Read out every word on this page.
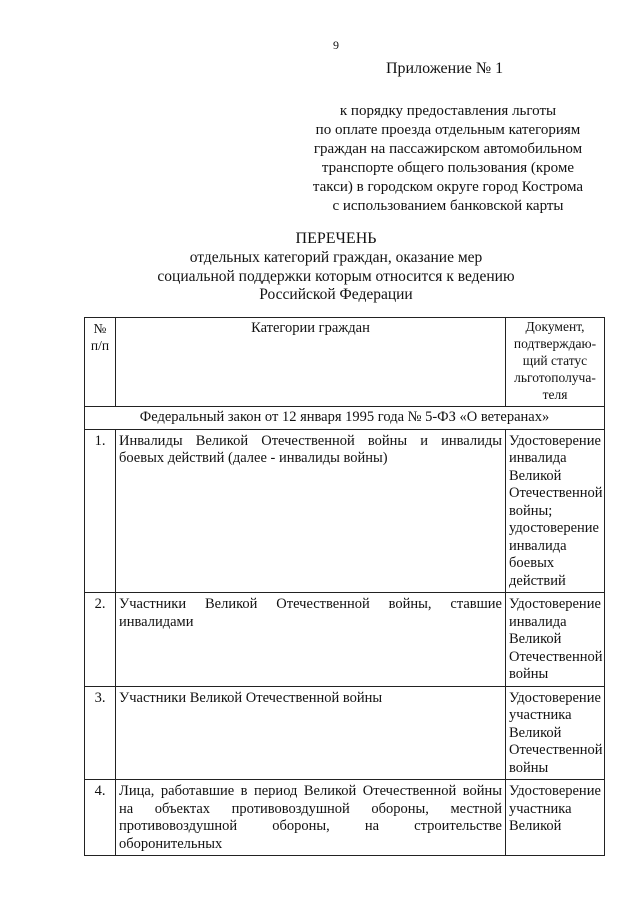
9
Приложение № 1
к порядку предоставления льготы
по оплате проезда отдельным категориям
граждан на пассажирском автомобильном
транспорте общего пользования (кроме
такси) в городском округе город Кострома
с использованием банковской карты
ПЕРЕЧЕНЬ
отдельных категорий граждан, оказание мер
социальной поддержки которым относится к ведению
Российской Федерации
№ п/п	Категории граждан	Документ, подтверждаю-щий статус льготополуча-теля
Федеральный закон от 12 января 1995 года № 5-ФЗ «О ветеранах»		
1.	Инвалиды Великой Отечественной войны и инвалиды боевых действий (далее - инвалиды войны)	Удостоверение инвалида Великой Отечественной войны; удостоверение инвалида боевых действий
2.	Участники Великой Отечественной войны, ставшие инвалидами	Удостоверение инвалида Великой Отечественной войны
3.	Участники Великой Отечественной войны	Удостоверение участника Великой Отечественной войны
4.	Лица, работавшие в период Великой Отечественной войны на объектах противовоздушной обороны, местной противовоздушной обороны, на строительстве оборонительных	Удостоверение участника Великой
